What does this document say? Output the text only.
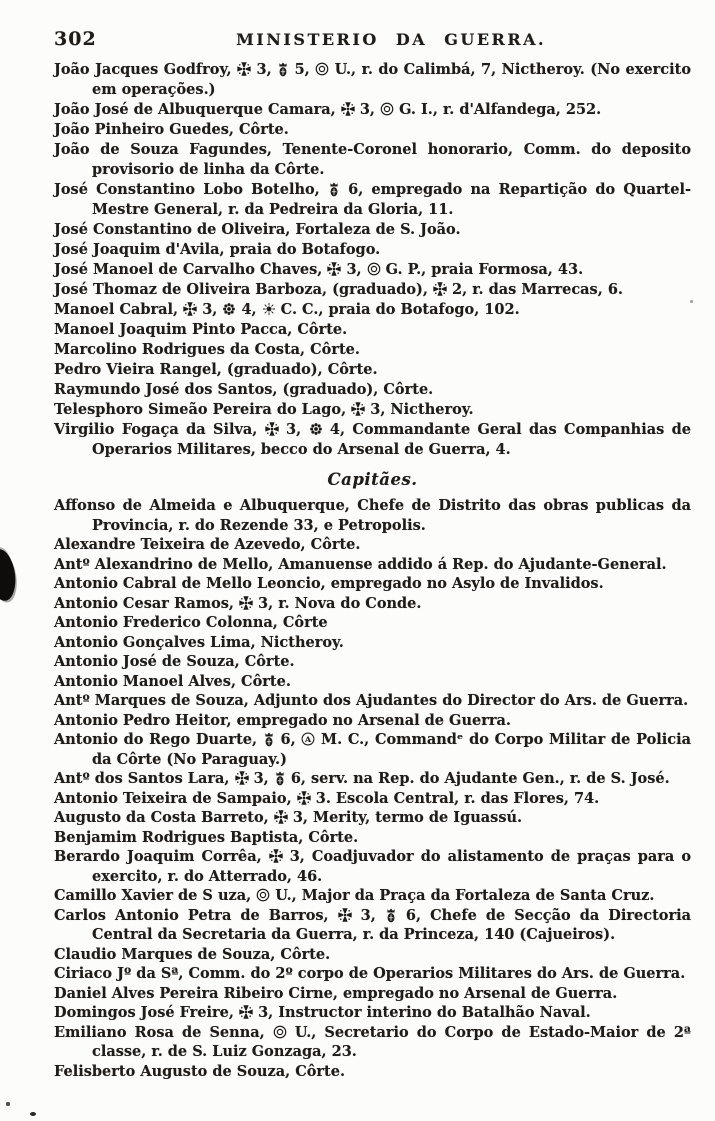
302	MINISTERIO DA GUERRA.
João Jacques Godfroy,  3,  5,  U., r. do Calimbá, 7, Nictheroy. (No exercito em operações.)
João José de Albuquerque Camara,  3,  G. I., r. d'Alfandega, 252.
João Pinheiro Guedes, Côrte.
João de Souza Fagundes, Tenente-Coronel honorario, Comm. do deposito provisorio de linha da Côrte.
José Constantino Lobo Botelho,  6, empregado na Repartição do Quartel-Mestre General, r. da Pedreira da Gloria, 11.
José Constantino de Oliveira, Fortaleza de S. João.
José Joaquim d'Avila, praia do Botafogo.
José Manoel de Carvalho Chaves,  3,  G. P., praia Formosa, 43.
José Thomaz de Oliveira Barboza, (graduado),  2, r. das Marrecas, 6.
Manoel Cabral,  3,  4,  C. C., praia do Botafogo, 102.
Manoel Joaquim Pinto Pacca, Côrte.
Marcolino Rodrigues da Costa, Côrte.
Pedro Vieira Rangel, (graduado), Côrte.
Raymundo José dos Santos, (graduado), Côrte.
Telesphoro Simeão Pereira do Lago,  3, Nictheroy.
Virgilio Fogaça da Silva,  3,  4, Commandante Geral das Companhias de Operarios Militares, becco do Arsenal de Guerra, 4.
Capitães.
Affonso de Almeida e Albuquerque, Chefe de Distrito das obras publicas da Provincia, r. do Rezende 33, e Petropolis.
Alexandre Teixeira de Azevedo, Côrte.
Antº Alexandrino de Mello, Amanuense addido á Rep. do Ajudante-General.
Antonio Cabral de Mello Leoncio, empregado no Asylo de Invalidos.
Antonio Cesar Ramos,  3, r. Nova do Conde.
Antonio Frederico Colonna, Côrte
Antonio Gonçalves Lima, Nictheroy.
Antonio José de Souza, Côrte.
Antonio Manoel Alves, Côrte.
Antº Marques de Souza, Adjunto dos Ajudantes do Director do Ars. de Guerra.
Antonio Pedro Heitor, empregado no Arsenal de Guerra.
Antonio do Rego Duarte,  6, A M. C., Commandᵉ do Corpo Militar de Policia da Côrte (No Paraguay.)
Antº dos Santos Lara,  3,  6, serv. na Rep. do Ajudante Gen., r. de S. José.
Antonio Teixeira de Sampaio,  3. Escola Central, r. das Flores, 74.
Augusto da Costa Barreto,  3, Merity, termo de Iguassú.
Benjamim Rodrigues Baptista, Côrte.
Berardo Joaquim Corrêa,  3, Coadjuvador do alistamento de praças para o exercito, r. do Atterrado, 46.
Camillo Xavier de S uza,  U., Major da Praça da Fortaleza de Santa Cruz.
Carlos Antonio Petra de Barros,  3,  6, Chefe de Secção da Directoria Central da Secretaria da Guerra, r. da Princeza, 140 (Cajueiros).
Claudio Marques de Souza, Côrte.
Ciriaco Jº da Sª, Comm. do 2º corpo de Operarios Militares do Ars. de Guerra.
Daniel Alves Pereira Ribeiro Cirne, empregado no Arsenal de Guerra.
Domingos José Freire,  3, Instructor interino do Batalhão Naval.
Emiliano Rosa de Senna,  U., Secretario do Corpo de Estado-Maior de 2ª classe, r. de S. Luiz Gonzaga, 23.
Felisberto Augusto de Souza, Côrte.
